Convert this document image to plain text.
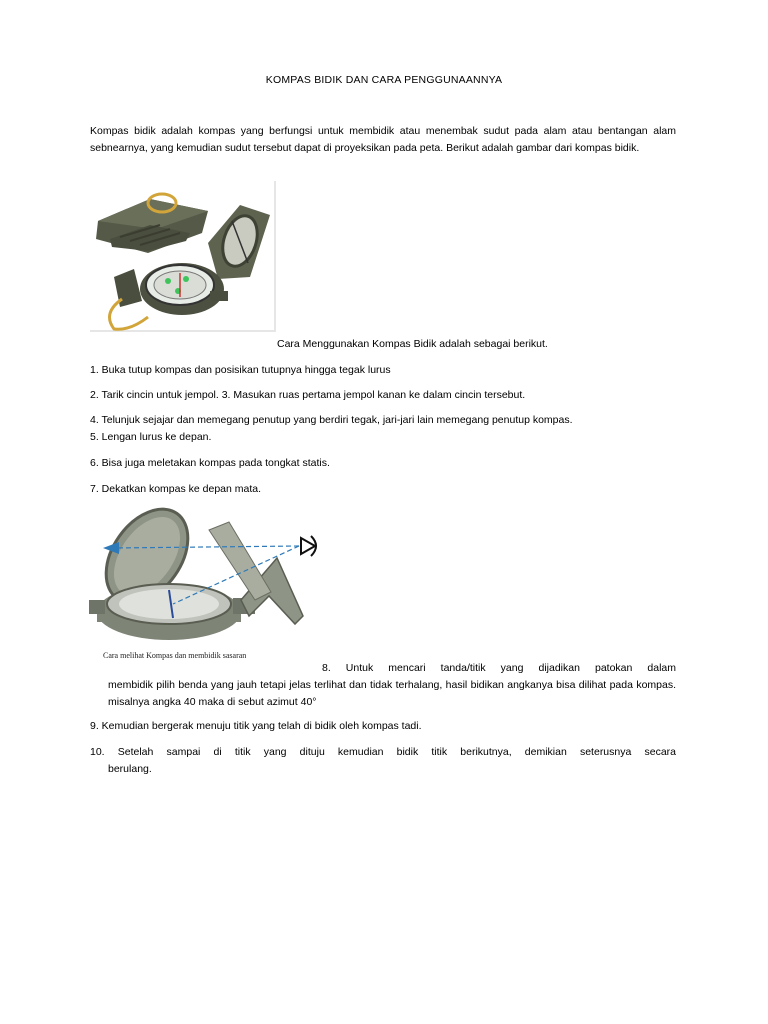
KOMPAS BIDIK DAN CARA PENGGUNAANNYA
Kompas bidik adalah kompas yang berfungsi untuk membidik atau menembak sudut pada alam atau bentangan alam sebnearnya, yang kemudian sudut tersebut dapat di proyeksikan pada peta. Berikut adalah gambar dari kompas bidik.
Cara Menggunakan Kompas Bidik adalah sebagai berikut.
1. Buka tutup kompas dan posisikan tutupnya hingga tegak lurus
2. Tarik cincin untuk jempol. 3. Masukan ruas pertama jempol kanan ke dalam cincin tersebut.
4. Telunjuk sejajar dan memegang penutup yang berdiri tegak, jari-jari lain memegang penutup kompas.
5. Lengan lurus ke depan.
6. Bisa juga meletakan kompas pada tongkat statis.
7. Dekatkan kompas ke depan mata.
Cara melihat Kompas dan membidik sasaran
8. Untuk mencari tanda/titik yang dijadikan patokan dalam
membidik pilih benda yang jauh tetapi jelas terlihat dan tidak terhalang, hasil bidikan angkanya bisa dilihat pada kompas. misalnya angka 40 maka di sebut azimut 40°
9. Kemudian bergerak menuju titik yang telah di bidik oleh kompas tadi.
10. Setelah sampai di titik yang dituju kemudian bidik titik berikutnya, demikian seterusnya secara
berulang.
